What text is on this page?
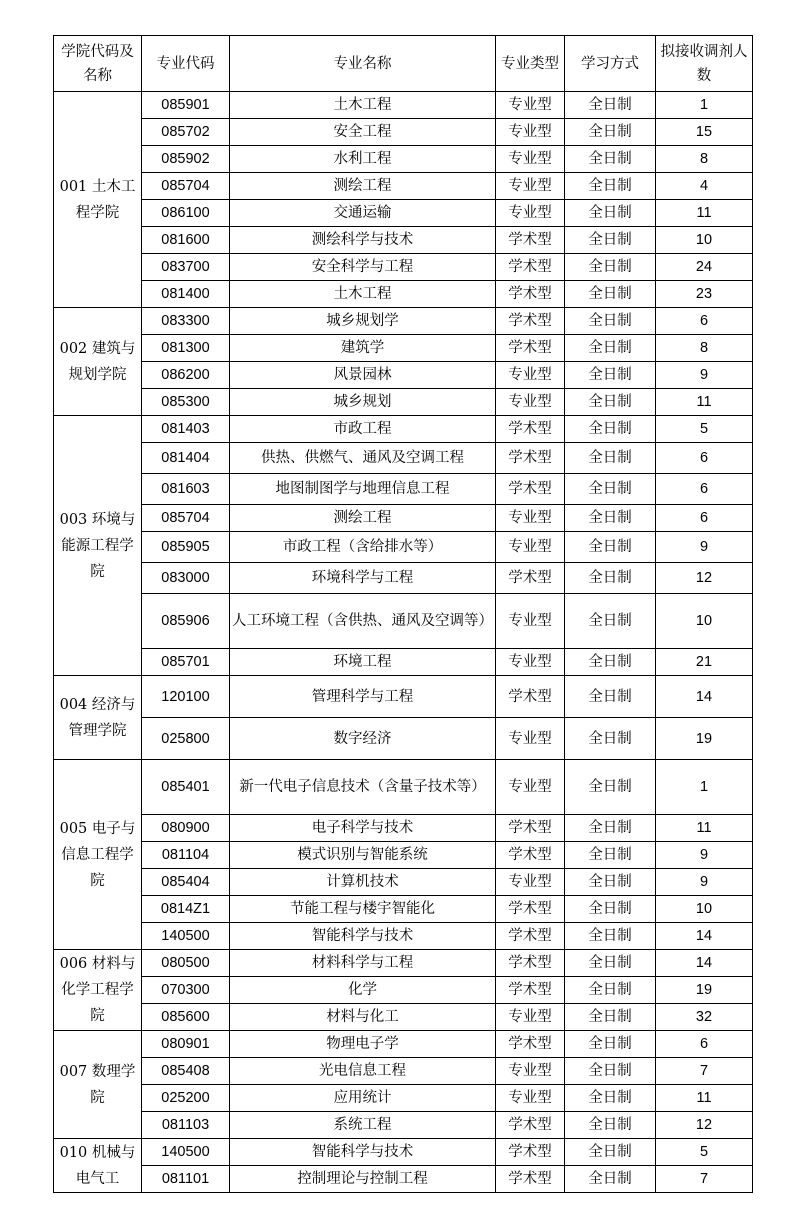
学院代码及名称	专业代码	专业名称	专业类型	学习方式	拟接收调剂人数
001 土木工程学院	085901	土木工程	专业型	全日制	1
	085702	安全工程	专业型	全日制	15
	085902	水利工程	专业型	全日制	8
	085704	测绘工程	专业型	全日制	4
	086100	交通运输	专业型	全日制	11
	081600	测绘科学与技术	学术型	全日制	10
	083700	安全科学与工程	学术型	全日制	24
	081400	土木工程	学术型	全日制	23
002 建筑与规划学院	083300	城乡规划学	学术型	全日制	6
	081300	建筑学	学术型	全日制	8
	086200	风景园林	专业型	全日制	9
	085300	城乡规划	专业型	全日制	11
003 环境与能源工程学院	081403	市政工程	学术型	全日制	5
	081404	供热、供燃气、通风及空调工程	学术型	全日制	6
	081603	地图制图学与地理信息工程	学术型	全日制	6
	085704	测绘工程	专业型	全日制	6
	085905	市政工程（含给排水等）	专业型	全日制	9
	083000	环境科学与工程	学术型	全日制	12
	085906	人工环境工程（含供热、通风及空调等）	专业型	全日制	10
	085701	环境工程	专业型	全日制	21
004 经济与管理学院	120100	管理科学与工程	学术型	全日制	14
	025800	数字经济	专业型	全日制	19
005 电子与信息工程学院	085401	新一代电子信息技术（含量子技术等）	专业型	全日制	1
	080900	电子科学与技术	学术型	全日制	11
	081104	模式识别与智能系统	学术型	全日制	9
	085404	计算机技术	专业型	全日制	9
	0814Z1	节能工程与楼宇智能化	学术型	全日制	10
	140500	智能科学与技术	学术型	全日制	14
006 材料与化学工程学院	080500	材料科学与工程	学术型	全日制	14
	070300	化学	学术型	全日制	19
	085600	材料与化工	专业型	全日制	32
007 数理学院	080901	物理电子学	学术型	全日制	6
	085408	光电信息工程	专业型	全日制	7
	025200	应用统计	专业型	全日制	11
	081103	系统工程	学术型	全日制	12
010 机械与电气工	140500	智能科学与技术	学术型	全日制	5
	081101	控制理论与控制工程	学术型	全日制	7
